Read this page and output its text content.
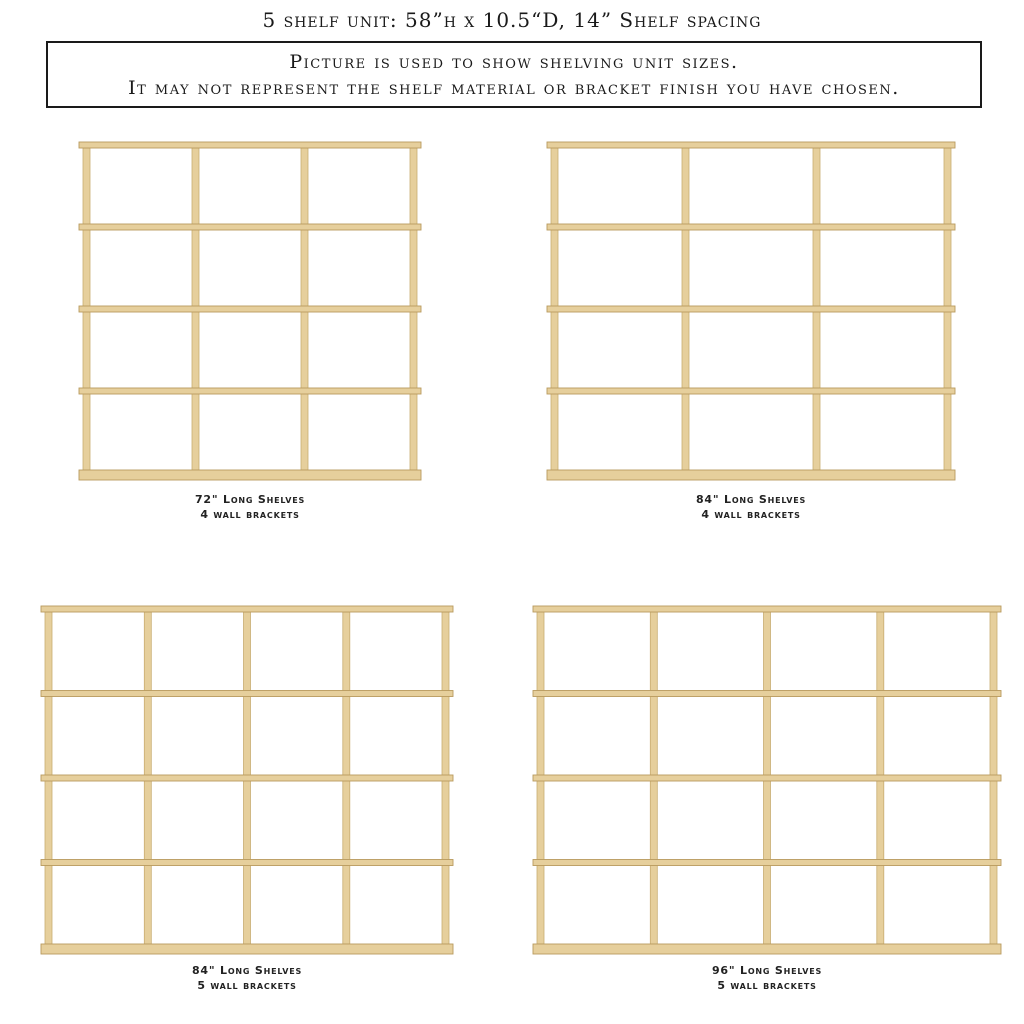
5 shelf unit: 58”h x 10.5“D, 14” Shelf spacing
Picture is used to show shelving unit sizes.
It may not represent the shelf material or bracket finish you have chosen.
72" Long Shelves
4 wall brackets
84" Long Shelves
4 wall brackets
84" Long Shelves
5 wall brackets
96" Long Shelves
5 wall brackets
